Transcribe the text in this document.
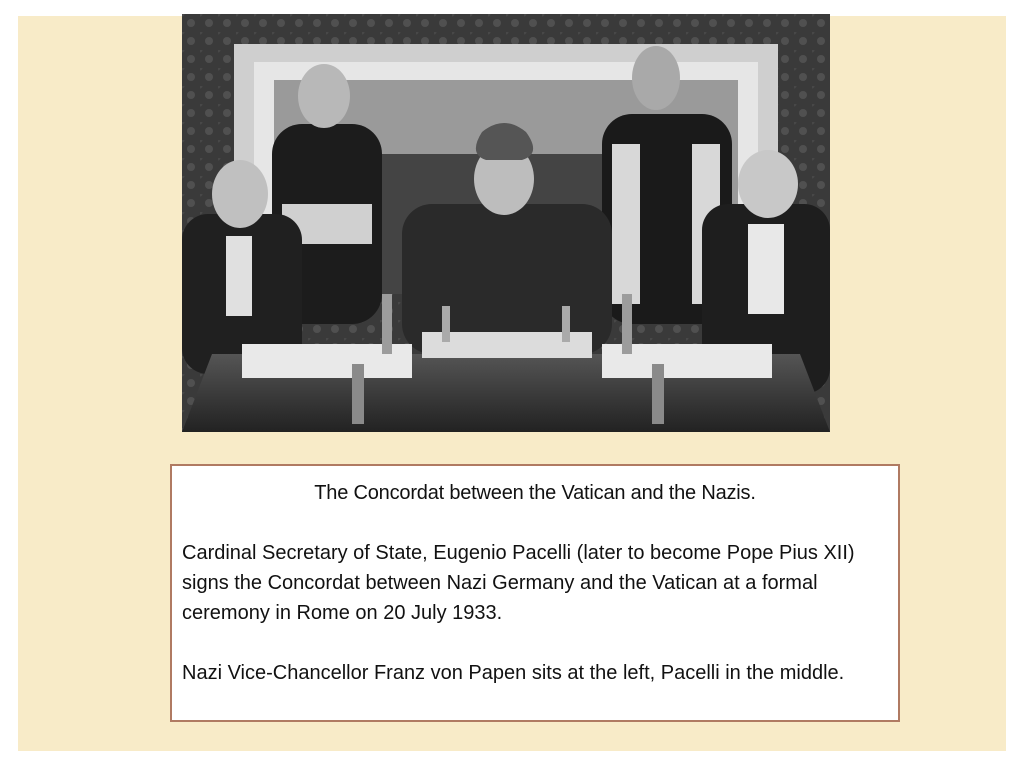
The Concordat between the Vatican and the Nazis.

Cardinal Secretary of State, Eugenio Pacelli (later to become Pope Pius XII) signs the Concordat between Nazi Germany and the Vatican at a formal ceremony in Rome on 20 July 1933.

Nazi Vice-Chancellor Franz von Papen sits at the left, Pacelli in the middle.
